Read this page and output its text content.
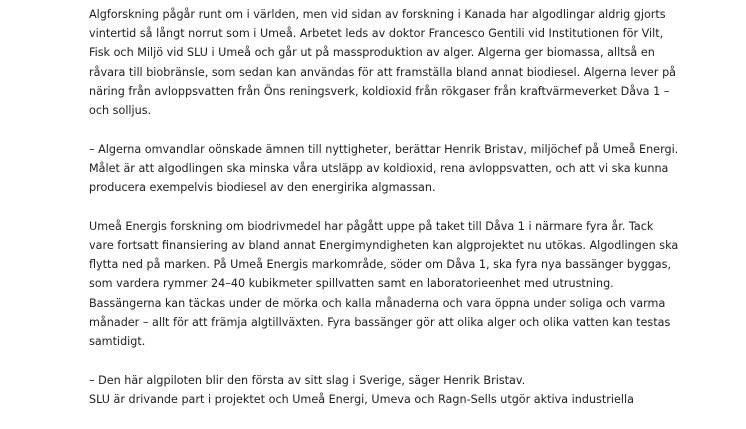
Algforskning pågår runt om i världen, men vid sidan av forskning i Kanada har algodlingar aldrig gjorts
vintertid så långt norrut som i Umeå. Arbetet leds av doktor Francesco Gentili vid Institutionen för Vilt,
Fisk och Miljö vid SLU i Umeå och går ut på massproduktion av alger. Algerna ger biomassa, alltså en
råvara till biobränsle, som sedan kan användas för att framställa bland annat biodiesel. Algerna lever på
näring från avloppsvatten från Öns reningsverk, koldioxid från rökgaser från kraftvärmeverket Dåva 1 –
och solljus.

– Algerna omvandlar oönskade ämnen till nyttigheter, berättar Henrik Bristav, miljöchef på Umeå Energi.
Målet är att algodlingen ska minska våra utsläpp av koldioxid, rena avloppsvatten, och att vi ska kunna
producera exempelvis biodiesel av den energirika algmassan.

Umeå Energis forskning om biodrivmedel har pågått uppe på taket till Dåva 1 i närmare fyra år. Tack
vare fortsatt finansiering av bland annat Energimyndigheten kan algprojektet nu utökas. Algodlingen ska
flytta ned på marken. På Umeå Energis markområde, söder om Dåva 1, ska fyra nya bassänger byggas,
som vardera rymmer 24–40 kubikmeter spillvatten samt en laboratorieenhet med utrustning.
Bassängerna kan täckas under de mörka och kalla månaderna och vara öppna under soliga och varma
månader – allt för att främja algtillväxten. Fyra bassänger gör att olika alger och olika vatten kan testas
samtidigt.

– Den här algpiloten blir den första av sitt slag i Sverige, säger Henrik Bristav.
SLU är drivande part i projektet och Umeå Energi, Umeva och Ragn-Sells utgör aktiva industriella
